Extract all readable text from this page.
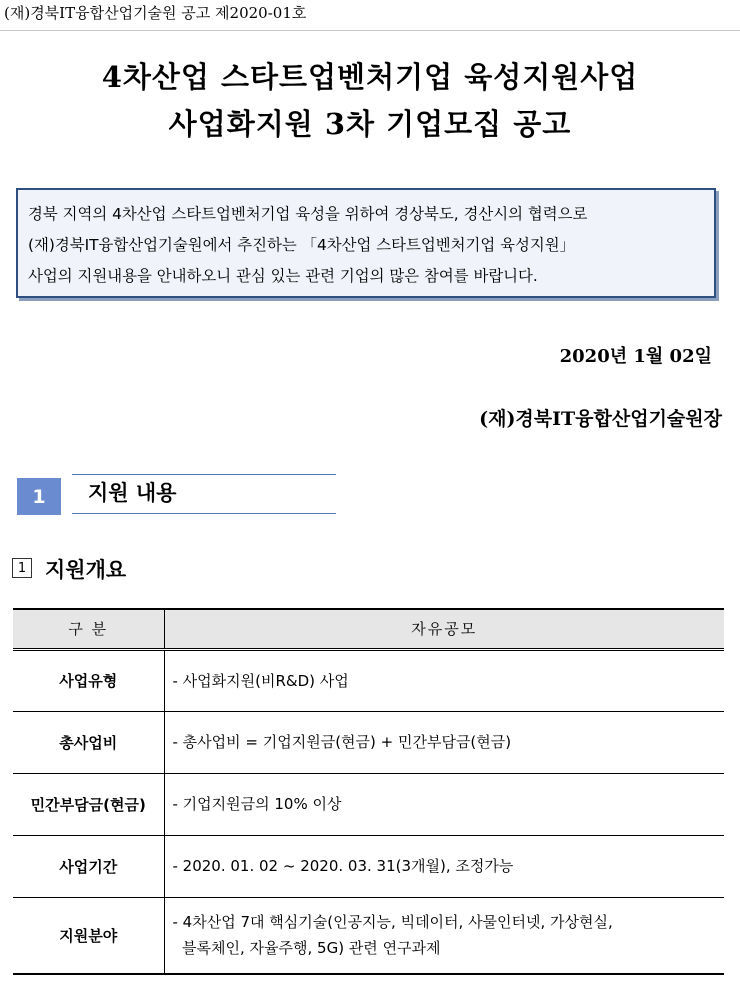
(재)경북IT융합산업기술원 공고 제2020-01호
4차산업 스타트업벤처기업 육성지원사업
사업화지원 3차 기업모집 공고

경북 지역의 4차산업 스타트업벤처기업 육성을 위하여 경상북도, 경산시의 협력으로

(재)경북IT융합산업기술원에서 추진하는 「4차산업 스타트업벤처기업 육성지원」

사업의 지원내용을 안내하오니 관심 있는 관련 기업의 많은 참여를 바랍니다.

2020년 1월 02일
(재)경북IT융합산업기술원장
1	지원 내용
1 지원개요
구 분	자유공모
사업유형	- 사업화지원(비R&D) 사업

총사업비	- 총사업비 = 기업지원금(현금) + 민간부담금(현금)

민간부담금(현금)	- 기업지원금의 10% 이상

사업기간	- 2020. 01. 02 ~ 2020. 03. 31(3개월), 조정가능

지원분야	- 4차산업 7대 핵심기술(인공지능, 빅데이터, 사물인터넷, 가상현실,
블록체인, 자율주행, 5G) 관련 연구과제
